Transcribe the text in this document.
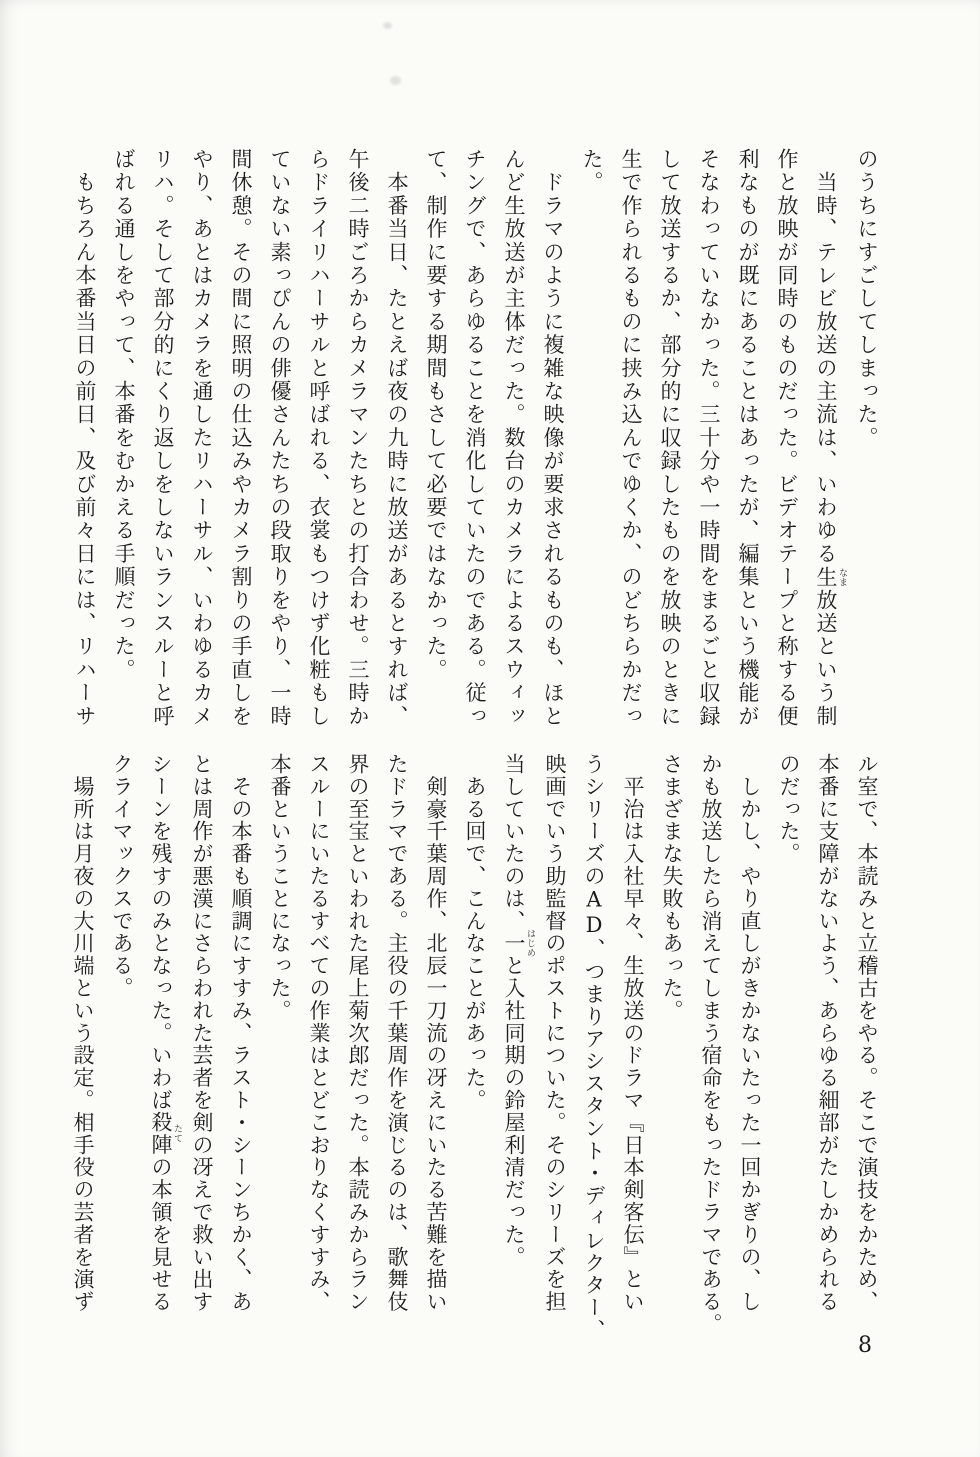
のうちにすごしてしまった。
　当時、テレビ放送の主流は、いわゆる生 なま放送という制
作と放映が同時のものだった。ビデオテープと称する便
利なものが既にあることはあったが、編集という機能が
そなわっていなかった。三十分や一時間をまるごと収録
して放送するか、部分的に収録したものを放映のときに
生で作られるものに挟み込んでゆくか、のどちらかだっ
た。
　ドラマのように複雑な映像が要求されるものも、ほと
んど生放送が主体だった。数台のカメラによるスウィッ
チングで、あらゆることを消化していたのである。従っ
て、制作に要する期間もさして必要ではなかった。
　本番当日、たとえば夜の九時に放送があるとすれば、
午後二時ごろからカメラマンたちとの打合わせ。三時か
らドライリハーサルと呼ばれる、衣裳もつけず化粧もし
ていない素っぴんの俳優さんたちの段取りをやり、一時
間休憩。その間に照明の仕込みやカメラ割りの手直しを
やり、あとはカメラを通したリハーサル、いわゆるカメ
リハ。そして部分的にくり返しをしないランスルーと呼
ばれる通しをやって、本番をむかえる手順だった。
　もちろん本番当日の前日、及び前々日には、リハーサ
ル室で、本読みと立稽古をやる。そこで演技をかため、
本番に支障がないよう、あらゆる細部がたしかめられる
のだった。
　しかし、やり直しがきかないたった一回かぎりの、し
かも放送したら消えてしまう宿命をもったドラマである。
さまざまな失敗もあった。
　平治は入社早々、生放送のドラマ『日本剣客伝』とい
うシリーズのAD、つまりアシスタント・ディレクター、
映画でいう助監督のポストについた。そのシリーズを担
当していたのは、一 はじめと入社同期の鈴屋利清だった。
　ある回で、こんなことがあった。
　剣豪千葉周作、北辰一刀流の冴えにいたる苦難を描い
たドラマである。主役の千葉周作を演じるのは、歌舞伎
界の至宝といわれた尾上菊次郎だった。本読みからラン
スルーにいたるすべての作業はとどこおりなくすすみ、
本番ということになった。
　その本番も順調にすすみ、ラスト・シーンちかく、あ
とは周作が悪漢にさらわれた芸者を剣の冴えで救い出す
シーンを残すのみとなった。いわば殺陣 たての本領を見せる
クライマックスである。
　場所は月夜の大川端という設定。相手役の芸者を演ず
8
